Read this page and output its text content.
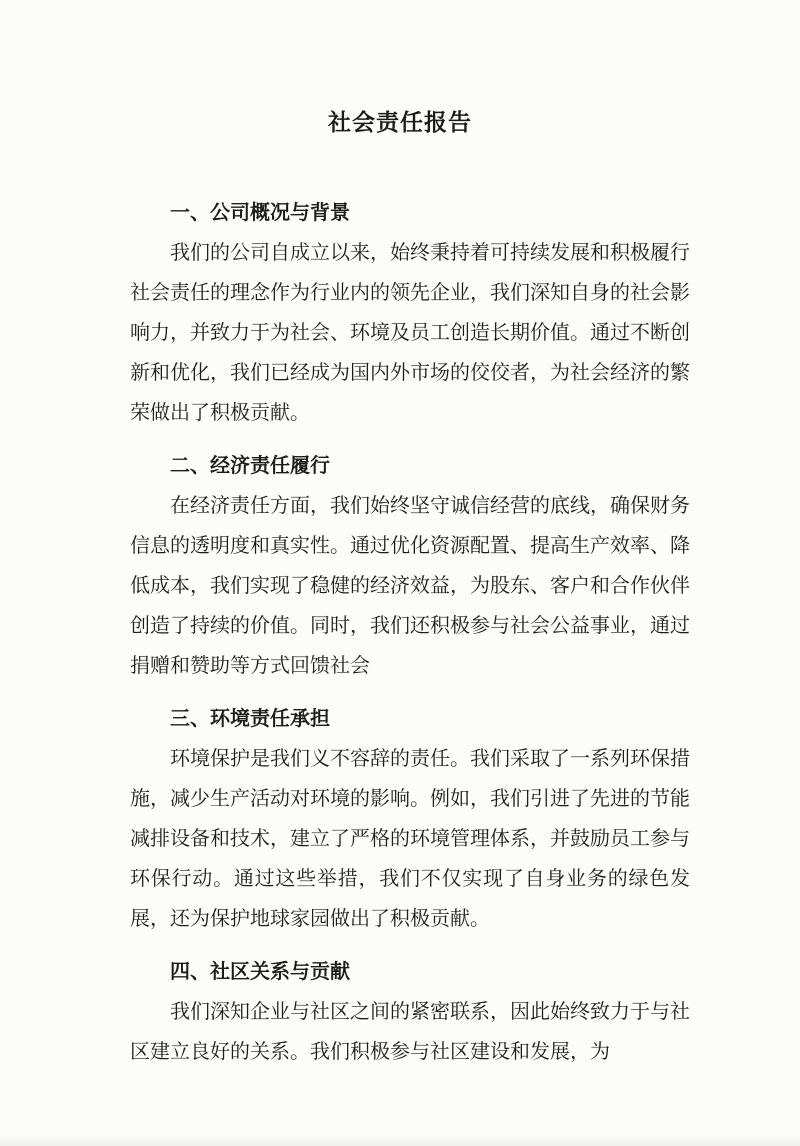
社会责任报告
一、公司概况与背景

我们的公司自成立以来，始终秉持着可持续发展和积极履行社会责任的理念作为行业内的领先企业，我们深知自身的社会影响力，并致力于为社会、环境及员工创造长期价值。通过不断创新和优化，我们已经成为国内外市场的佼佼者，为社会经济的繁荣做出了积极贡献。

二、经济责任履行

在经济责任方面，我们始终坚守诚信经营的底线，确保财务信息的透明度和真实性。通过优化资源配置、提高生产效率、降低成本，我们实现了稳健的经济效益，为股东、客户和合作伙伴创造了持续的价值。同时，我们还积极参与社会公益事业，通过捐赠和赞助等方式回馈社会

三、环境责任承担

环境保护是我们义不容辞的责任。我们采取了一系列环保措施，减少生产活动对环境的影响。例如，我们引进了先进的节能减排设备和技术，建立了严格的环境管理体系，并鼓励员工参与环保行动。通过这些举措，我们不仅实现了自身业务的绿色发展，还为保护地球家园做出了积极贡献。

四、社区关系与贡献

我们深知企业与社区之间的紧密联系，因此始终致力于与社区建立良好的关系。我们积极参与社区建设和发展，为
